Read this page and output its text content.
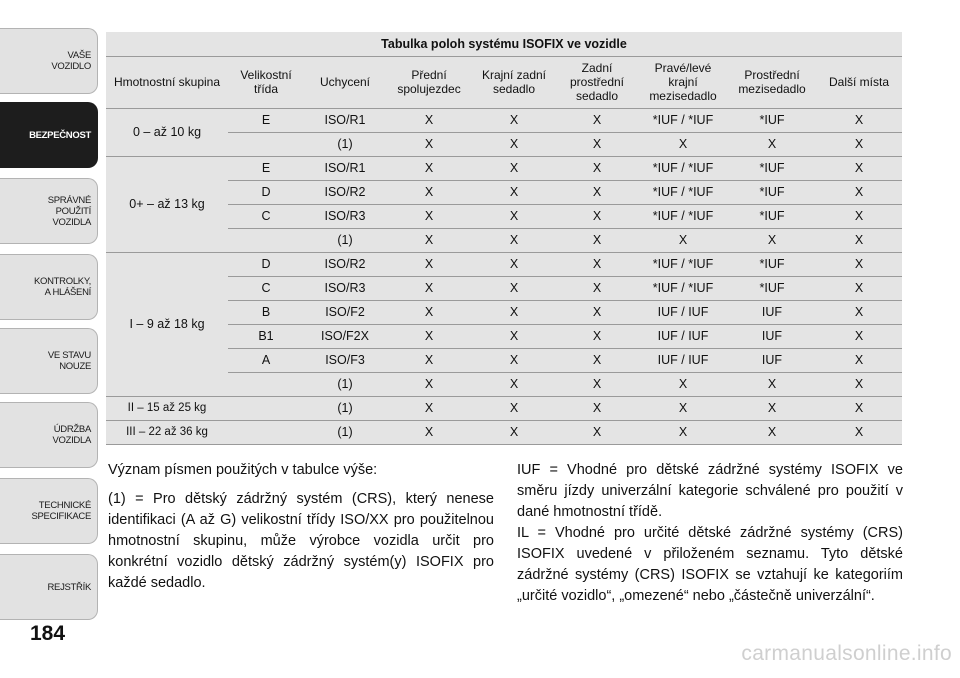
VAŠE
VOZIDLO
BEZPEČNOST
SPRÁVNÉ
POUŽITÍ
VOZIDLA
KONTROLKY,
A HLÁŠENÍ
VE STAVU
NOUZE
ÚDRŽBA
VOZIDLA
TECHNICKÉ
SPECIFIKACE
REJSTŘÍK
184
Tabulka poloh systému ISOFIX ve vozidle								
Hmotnostní skupina	Velikostní třída	Uchycení	Přední spolujezdec	Krajní zadní sedadlo	Zadní prostřední sedadlo	Pravé/levé krajní mezisedadlo	Prostřední mezisedadlo	Další místa
0 – až 10 kg	E	ISO/R1	X	X	X	*IUF / *IUF	*IUF	X
		(1)	X	X	X	X	X	X
0+ – až 13 kg	E	ISO/R1	X	X	X	*IUF / *IUF	*IUF	X
	D	ISO/R2	X	X	X	*IUF / *IUF	*IUF	X
	C	ISO/R3	X	X	X	*IUF / *IUF	*IUF	X
		(1)	X	X	X	X	X	X
I – 9 až 18 kg	D	ISO/R2	X	X	X	*IUF / *IUF	*IUF	X
	C	ISO/R3	X	X	X	*IUF / *IUF	*IUF	X
	B	ISO/F2	X	X	X	IUF / IUF	IUF	X
	B1	ISO/F2X	X	X	X	IUF / IUF	IUF	X
	A	ISO/F3	X	X	X	IUF / IUF	IUF	X
		(1)	X	X	X	X	X	X
II – 15 až 25 kg		(1)	X	X	X	X	X	X
III – 22 až 36 kg		(1)	X	X	X	X	X	X

Význam písmen použitých v tabulce výše:

(1) = Pro dětský zádržný systém (CRS), který nenese identifikaci (A až G) velikostní třídy ISO/XX pro použitelnou hmotnostní skupinu, může výrobce vozidla určit pro konkrétní vozidlo dětský zádržný systém(y) ISOFIX pro každé sedadlo.

IUF = Vhodné pro dětské zádržné systémy ISOFIX ve směru jízdy univerzální kategorie schválené pro použití v dané hmotnostní třídě.

IL = Vhodné pro určité dětské zádržné systémy (CRS) ISOFIX uvedené v přiloženém seznamu. Tyto dětské zádržné systémy (CRS) ISOFIX se vztahují ke kategoriím „určité vozidlo“, „omezené“ nebo „částečně univerzální“.

carmanualsonline.info
